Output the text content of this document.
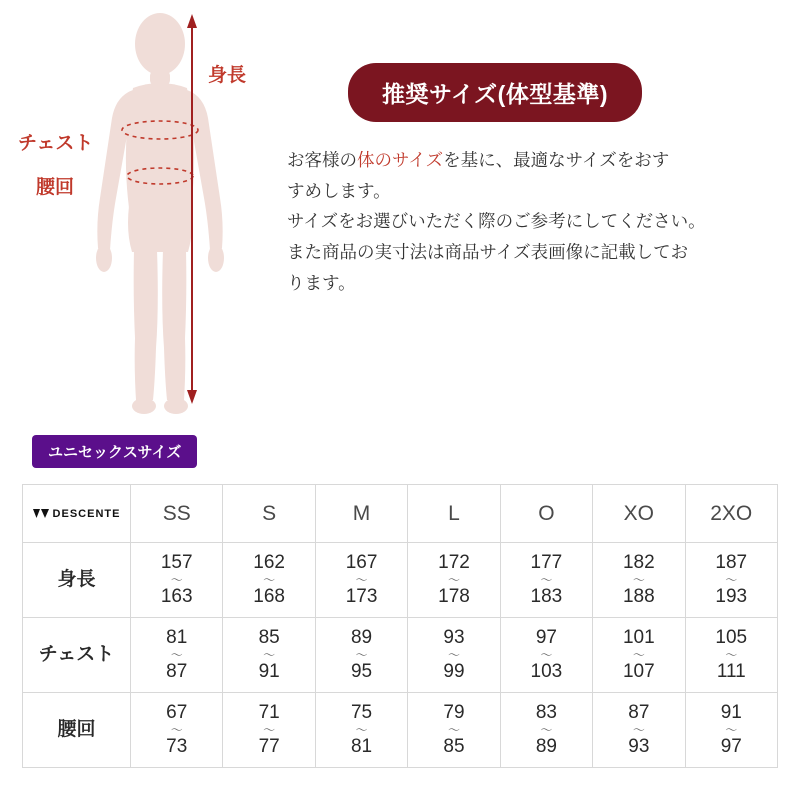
身長
チェスト
腰回
推奨サイズ(体型基準)
お客様の体のサイズを基に、最適なサイズをおす
すめします。
サイズをお選びいただく際のご参考にしてください。
また商品の実寸法は商品サイズ表画像に記載してお
ります。
ユニセックスサイズ
DESCENTE	SS	S	M	L	O	XO	2XO
身長	157
〜
163	162
〜
168	167
〜
173	172
〜
178	177
〜
183	182
〜
188	187
〜
193

チェスト	81
〜
87	85
〜
91	89
〜
95	93
〜
99	97
〜
103	101
〜
107	105
〜
111

腰回	67
〜
73	71
〜
77	75
〜
81	79
〜
85	83
〜
89	87
〜
93	91
〜
97
